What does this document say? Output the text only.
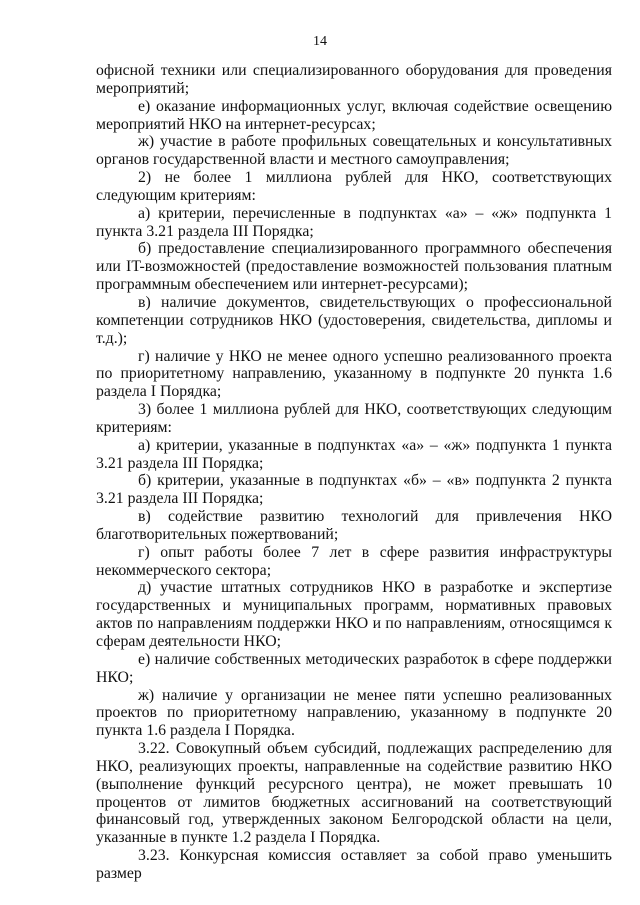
14

офисной техники или специализированного оборудования для проведения мероприятий;

е) оказание информационных услуг, включая содействие освещению мероприятий НКО на интернет-ресурсах;

ж) участие в работе профильных совещательных и консультативных органов государственной власти и местного самоуправления;

2) не более 1 миллиона рублей для НКО, соответствующих следующим критериям:

а) критерии, перечисленные в подпунктах «а» – «ж» подпункта 1 пункта 3.21 раздела III Порядка;

б) предоставление специализированного программного обеспечения или IT-возможностей (предоставление возможностей пользования платным программным обеспечением или интернет-ресурсами);

в) наличие документов, свидетельствующих о профессиональной компетенции сотрудников НКО (удостоверения, свидетельства, дипломы и т.д.);

г) наличие у НКО не менее одного успешно реализованного проекта по приоритетному направлению, указанному в подпункте 20 пункта 1.6 раздела I Порядка;

3) более 1 миллиона рублей для НКО, соответствующих следующим критериям:

а) критерии, указанные в подпунктах «а» – «ж» подпункта 1 пункта 3.21 раздела III Порядка;

б) критерии, указанные в подпунктах «б» – «в» подпункта 2 пункта 3.21 раздела III Порядка;

в) содействие развитию технологий для привлечения НКО благотворительных пожертвований;

г) опыт работы более 7 лет в сфере развития инфраструктуры некоммерческого сектора;

д) участие штатных сотрудников НКО в разработке и экспертизе государственных и муниципальных программ, нормативных правовых актов по направлениям поддержки НКО и по направлениям, относящимся к сферам деятельности НКО;

е) наличие собственных методических разработок в сфере поддержки НКО;

ж) наличие у организации не менее пяти успешно реализованных проектов по приоритетному направлению, указанному в подпункте 20 пункта 1.6 раздела I Порядка.

3.22. Совокупный объем субсидий, подлежащих распределению для НКО, реализующих проекты, направленные на содействие развитию НКО (выполнение функций ресурсного центра), не может превышать 10 процентов от лимитов бюджетных ассигнований на соответствующий финансовый год, утвержденных законом Белгородской области на цели, указанные в пункте 1.2 раздела I Порядка.

3.23. Конкурсная комиссия оставляет за собой право уменьшить размер
